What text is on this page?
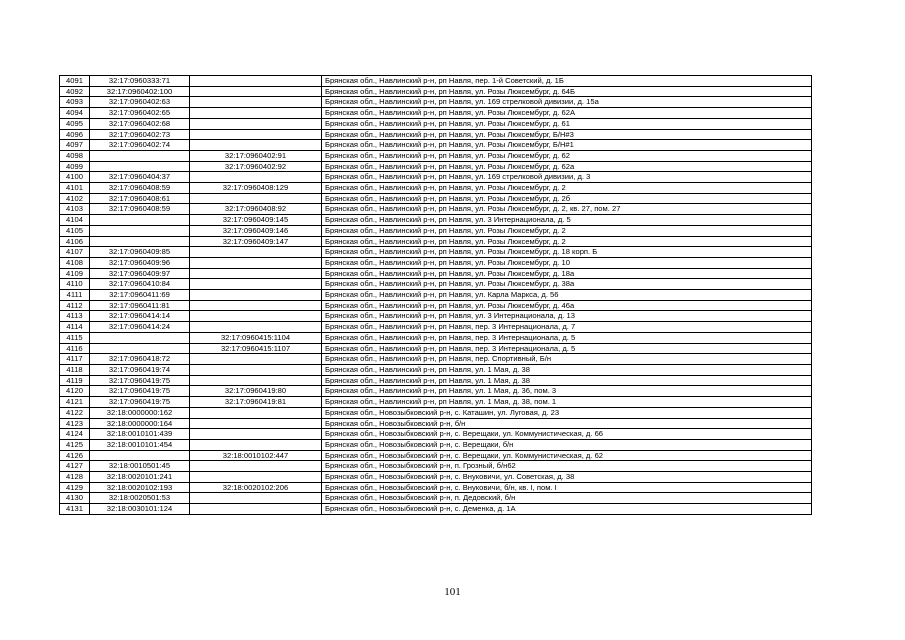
4091	32:17:0960333:71		Брянская обл., Навлинский р-н, рп Навля, пер. 1-й Советский, д. 1Б
4092	32:17:0960402:100		Брянская обл., Навлинский р-н, рп Навля, ул. Розы Люксембург, д. 64Б
4093	32:17:0960402:63		Брянская обл., Навлинский р-н, рп Навля, ул. 169 стрелковой дивизии, д. 15а
4094	32:17:0960402:65		Брянская обл., Навлинский р-н, рп Навля, ул. Розы Люксембург, д. 62А
4095	32:17:0960402:68		Брянская обл., Навлинский р-н, рп Навля, ул. Розы Люксембург, д. 61
4096	32:17:0960402:73		Брянская обл., Навлинский р-н, рп Навля, ул. Розы Люксембург, Б/Н#3
4097	32:17:0960402:74		Брянская обл., Навлинский р-н, рп Навля, ул. Розы Люксембург, Б/Н#1
4098		32:17:0960402:91	Брянская обл., Навлинский р-н, рп Навля, ул. Розы Люксембург, д. 62
4099		32:17:0960402:92	Брянская обл., Навлинский р-н, рп Навля, ул. Розы Люксембург, д. 62а
4100	32:17:0960404:37		Брянская обл., Навлинский р-н, рп Навля, ул. 169 стрелковой дивизии, д. 3
4101	32:17:0960408:59	32:17:0960408:129	Брянская обл., Навлинский р-н, рп Навля, ул. Розы Люксембург, д. 2
4102	32:17:0960408:61		Брянская обл., Навлинский р-н, рп Навля, ул. Розы Люксембург, д. 2б
4103	32:17:0960408:59	32:17:0960408:92	Брянская обл., Навлинский р-н, рп Навля, ул. Розы Люксембург, д. 2, кв. 27, пом. 27
4104		32:17:0960409:145	Брянская обл., Навлинский р-н, рп Навля, ул. 3 Интернационала, д. 5
4105		32:17:0960409:146	Брянская обл., Навлинский р-н, рп Навля, ул. Розы Люксембург, д. 2
4106		32:17:0960409:147	Брянская обл., Навлинский р-н, рп Навля, ул. Розы Люксембург, д. 2
4107	32:17:0960409:85		Брянская обл., Навлинский р-н, рп Навля, ул. Розы Люксембург, д. 18 корп. Б
4108	32:17:0960409:96		Брянская обл., Навлинский р-н, рп Навля, ул. Розы Люксембург, д. 10
4109	32:17:0960409:97		Брянская обл., Навлинский р-н, рп Навля, ул. Розы Люксембург, д. 18а
4110	32:17:0960410:84		Брянская обл., Навлинский р-н, рп Навля, ул. Розы Люксембург, д. 38а
4111	32:17:0960411:69		Брянская обл., Навлинский р-н, рп Навля, ул. Карла Маркса, д. 56
4112	32:17:0960411:81		Брянская обл., Навлинский р-н, рп Навля, ул. Розы Люксембург, д. 46а
4113	32:17:0960414:14		Брянская обл., Навлинский р-н, рп Навля, ул. 3 Интернационала, д. 13
4114	32:17:0960414:24		Брянская обл., Навлинский р-н, рп Навля, пер. 3 Интернационала, д. 7
4115		32:17:0960415:1104	Брянская обл., Навлинский р-н, рп Навля, пер. 3 Интернационала, д. 5
4116		32:17:0960415:1107	Брянская обл., Навлинский р-н, рп Навля, пер. 3 Интернационала, д. 5
4117	32:17:0960418:72		Брянская обл., Навлинский р-н, рп Навля, пер. Спортивный, Б/н
4118	32:17:0960419:74		Брянская обл., Навлинский р-н, рп Навля, ул. 1 Мая, д. 38
4119	32:17:0960419:75		Брянская обл., Навлинский р-н, рп Навля, ул. 1 Мая, д. 38
4120	32:17:0960419:75	32:17:0960419:80	Брянская обл., Навлинский р-н, рп Навля, ул. 1 Мая, д. 36, пом. 3
4121	32:17:0960419:75	32:17:0960419:81	Брянская обл., Навлинский р-н, рп Навля, ул. 1 Мая, д. 38, пом. 1
4122	32:18:0000000:162		Брянская обл., Новозыбковский р-н, с. Каташин, ул. Луговая, д. 23
4123	32:18:0000000:164		Брянская обл., Новозыбковский р-н, б/н
4124	32:18:0010101:439		Брянская обл., Новозыбковский р-н, с. Верещаки, ул. Коммунистическая, д. 66
4125	32:18:0010101:454		Брянская обл., Новозыбковский р-н, с. Верещаки, б/н
4126		32:18:0010102:447	Брянская обл., Новозыбковский р-н, с. Верещаки, ул. Коммунистическая, д. 62
4127	32:18:0010501:45		Брянская обл., Новозыбковский р-н, п. Грозный, б/н62
4128	32:18:0020101:241		Брянская обл., Новозыбковский р-н, с. Внуковичи, ул. Советская, д. 38
4129	32:18:0020102:193	32:18:0020102:206	Брянская обл., Новозыбковский р-н, с. Внуковичи, б/н, кв. I, пом. I
4130	32:18:0020501:53		Брянская обл., Новозыбковский р-н, п. Дедовский, б/н
4131	32:18:0030101:124		Брянская обл., Новозыбковский р-н, с. Деменка, д. 1А
101
